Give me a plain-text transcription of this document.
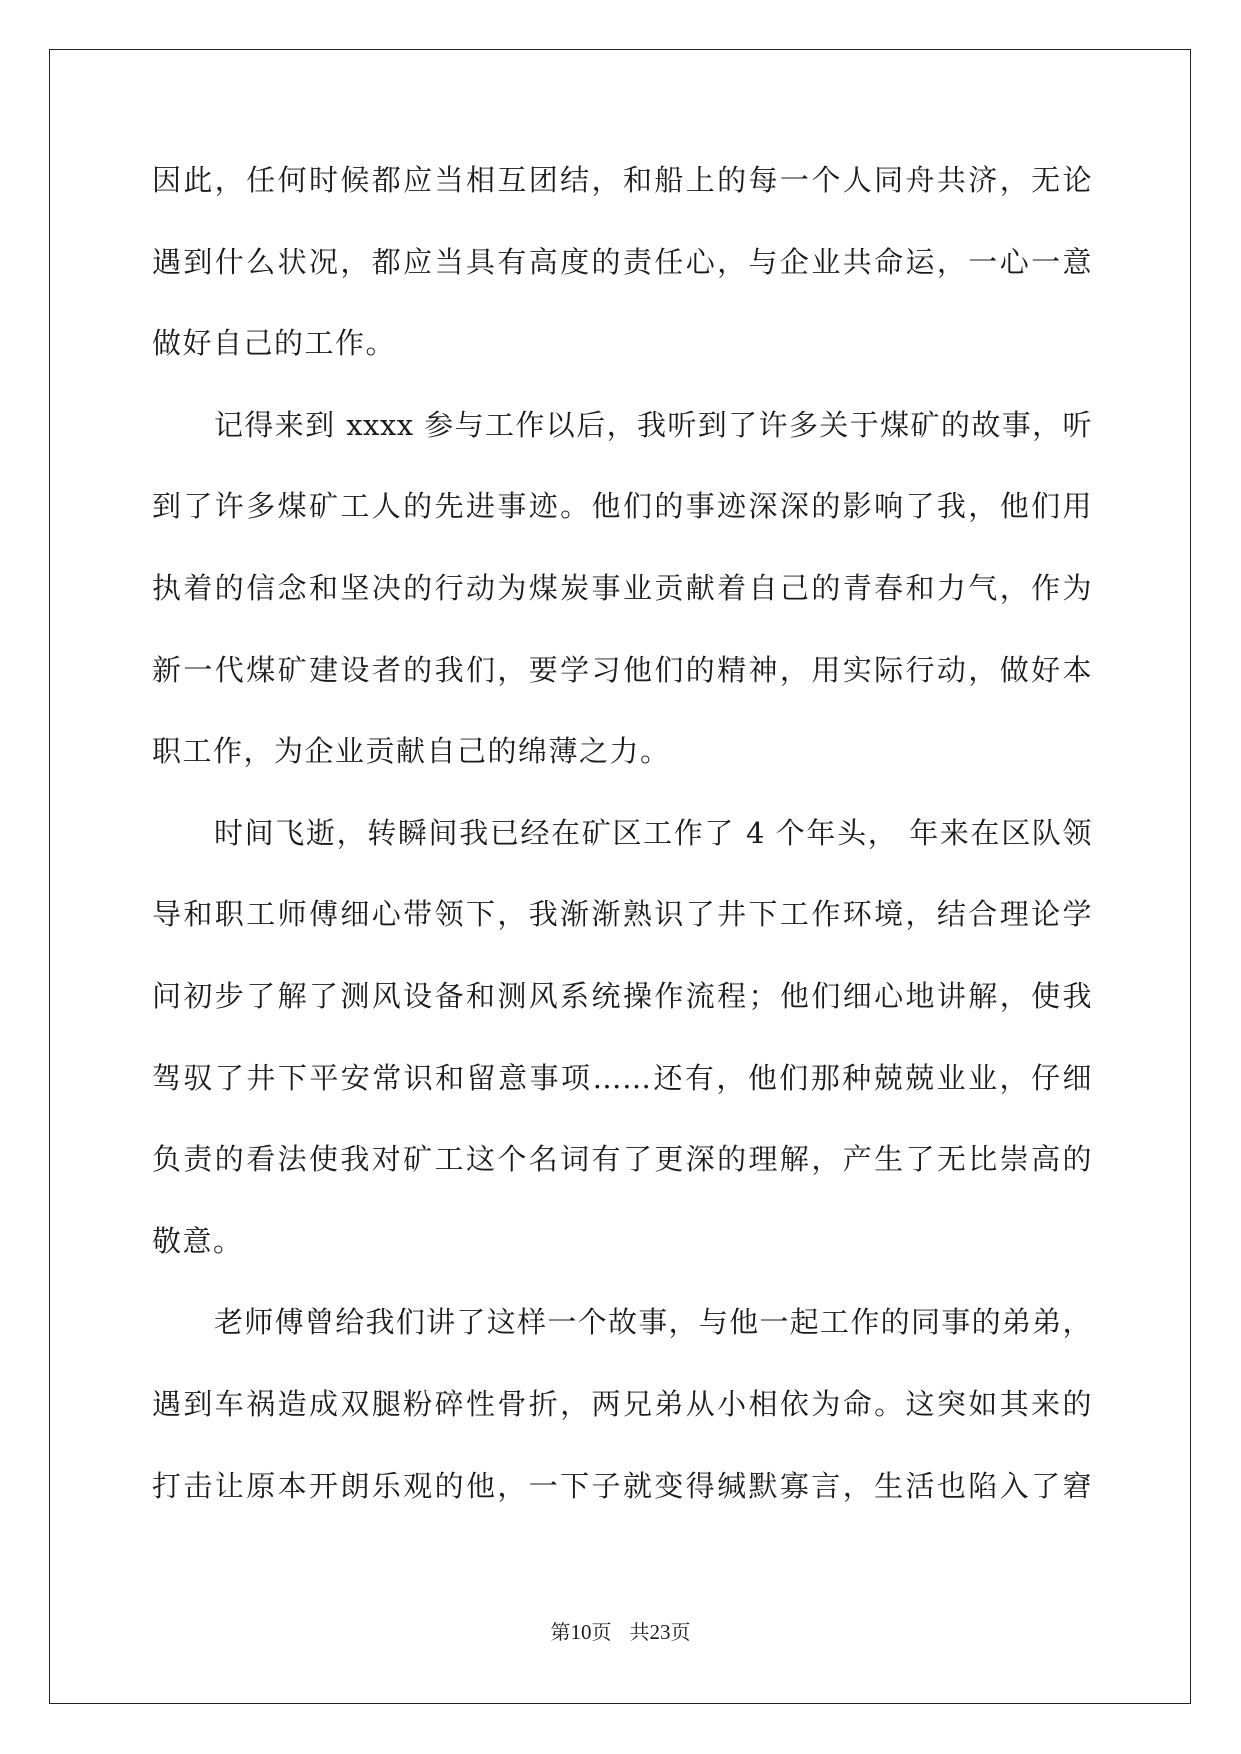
因此，任何时候都应当相互团结，和船上的每一个人同舟共济，无论
遇到什么状况，都应当具有高度的责任心，与企业共命运，一心一意
做好自己的工作。
记得来到 xxxx 参与工作以后，我听到了许多关于煤矿的故事，听
到了许多煤矿工人的先进事迹。他们的事迹深深的影响了我，他们用
执着的信念和坚决的行动为煤炭事业贡献着自己的青春和力气，作为
新一代煤矿建设者的我们，要学习他们的精神，用实际行动，做好本
职工作，为企业贡献自己的绵薄之力。
时间飞逝，转瞬间我已经在矿区工作了 4 个年头， 年来在区队领
导和职工师傅细心带领下，我渐渐熟识了井下工作环境，结合理论学
问初步了解了测风设备和测风系统操作流程；他们细心地讲解，使我
驾驭了井下平安常识和留意事项……还有，他们那种兢兢业业，仔细
负责的看法使我对矿工这个名词有了更深的理解，产生了无比崇高的
敬意。
老师傅曾给我们讲了这样一个故事，与他一起工作的同事的弟弟，
遇到车祸造成双腿粉碎性骨折，两兄弟从小相依为命。这突如其来的
打击让原本开朗乐观的他，一下子就变得缄默寡言，生活也陷入了窘
第10页 共23页
